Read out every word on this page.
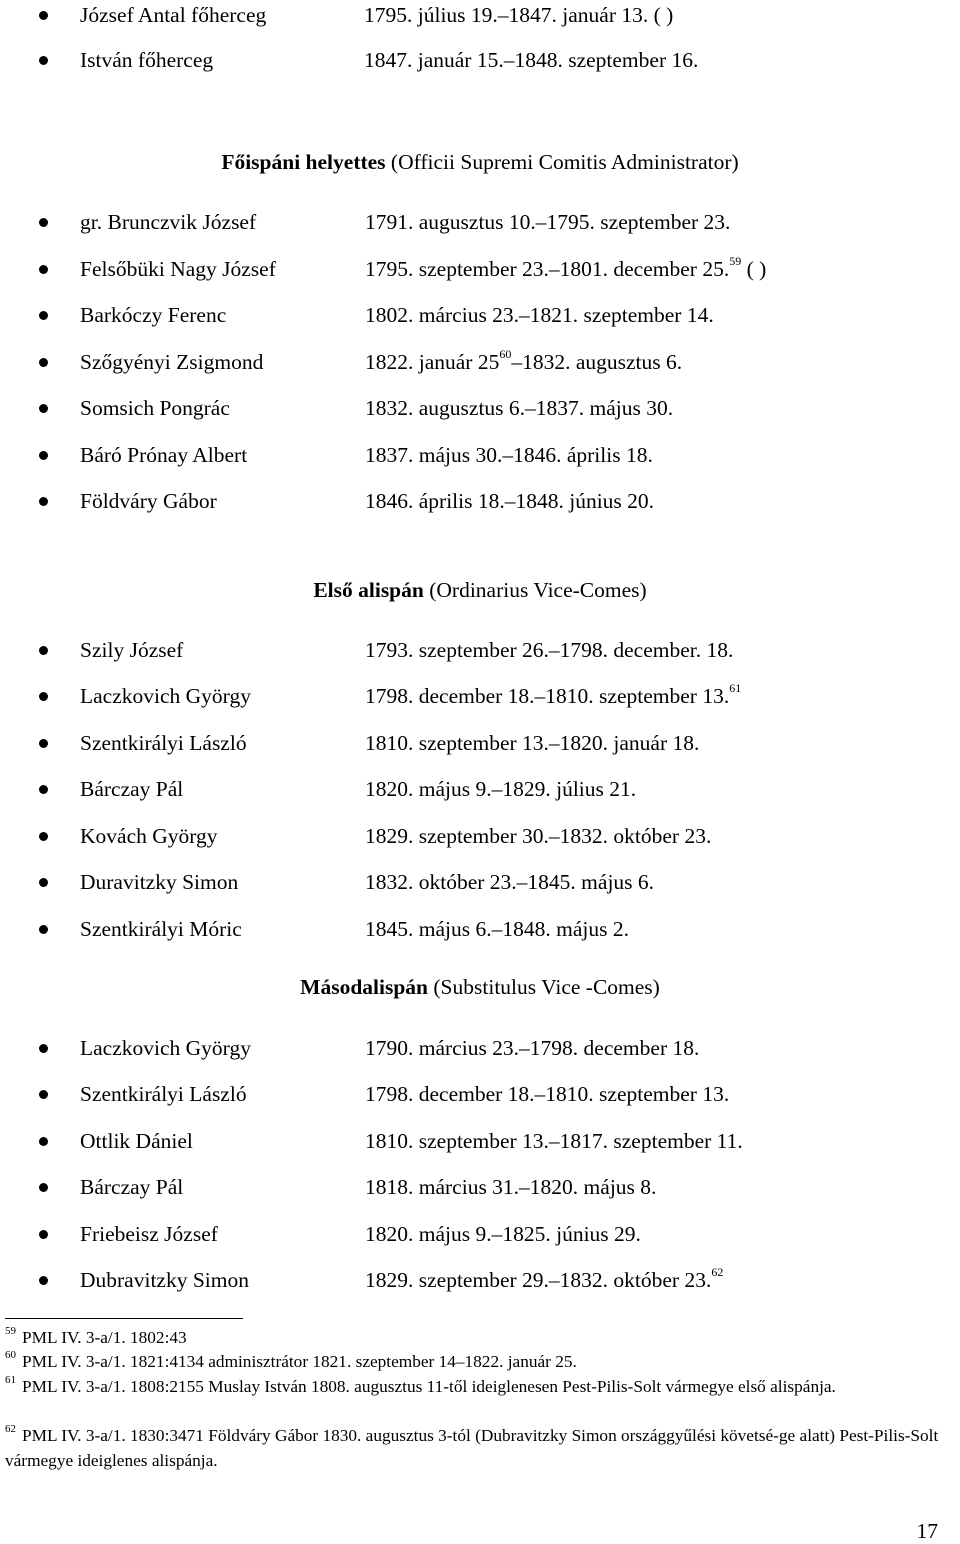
József Antal főherceg	1795. július 19.–1847. január 13. ( )
István főherceg	1847. január 15.–1848. szeptember 16.
Főispáni helyettes (Officii Supremi Comitis Administrator)
gr. Brunczvik József	1791. augusztus 10.–1795. szeptember 23.
Felsőbüki Nagy József	1795. szeptember 23.–1801. december 25.59 ( )
Barkóczy Ferenc	1802. március 23.–1821. szeptember 14.
Szőgyényi Zsigmond	1822. január $25^{60}-1832$. augusztus 6.
Somsich Pongrác	1832. augusztus 6.–1837. május 30.
Báró Prónay Albert	1837. május 30.–1846. április 18.
Földváry Gábor	1846. április 18.–1848. június 20.
Első alispán (Ordinarius Vice-Comes)
Szily József	1793. szeptember 26.–1798. december. 18.
Laczkovich György	1798. december 18.–1810. szeptember 13.61
Szentkirályi László	1810. szeptember 13.–1820. január 18.
Bárczay Pál	1820. május 9.–1829. július 21.
Kovách György	1829. szeptember 30.–1832. október 23.
Duravitzky Simon	1832. október 23.–1845. május 6.
Szentkirályi Móric	1845. május 6.–1848. május 2.
Másodalispán (Substitulus Vice -Comes)
Laczkovich György	1790. március 23.–1798. december 18.
Szentkirályi László	1798. december 18.–1810. szeptember 13.
Ottlik Dániel	1810. szeptember 13.–1817. szeptember 11.
Bárczay Pál	1818. március 31.–1820. május 8.
Friebeisz József	1820. május 9.–1825. június 29.
Dubravitzky Simon	1829. szeptember 29.–1832. október 23.62
$^{59}$ PML IV. 3-a/1. 1802:43
$^{60}$ PML IV. 3-a/1. 1821:4134 adminisztrátor 1821. szeptember 14–1822. január 25.
$^{61}$ PML IV. 3-a/1. 1808:2155 Muslay István 1808. augusztus 11-től ideiglenesen Pest-Pilis-Solt vármegye első alispánja.
$^{62}$ PML IV. 3-a/1. 1830:3471 Földváry Gábor 1830. augusztus 3-tól (Dubravitzky Simon országgyűlési követsé-ge alatt) Pest-Pilis-Solt vármegye ideiglenes alispánja.
17
